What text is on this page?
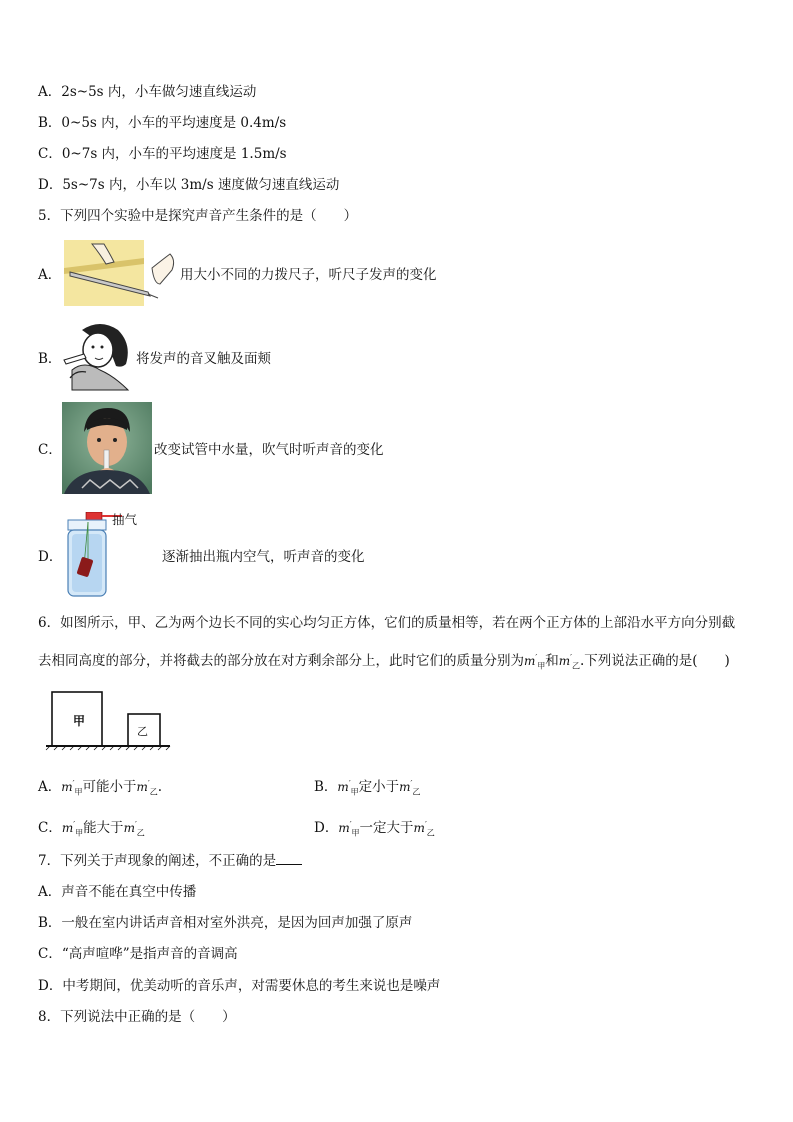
A．2s~5s 内，小车做匀速直线运动
B．0~5s 内，小车的平均速度是 0.4m/s
C．0~7s 内，小车的平均速度是 1.5m/s
D．5s~7s 内，小车以 3m/s 速度做匀速直线运动
5．下列四个实验中是探究声音产生条件的是（　　）
A．	用大小不同的力拨尺子，听尺子发声的变化
B．	将发声的音叉触及面颊
C．	改变试管中水量，吹气时听声音的变化
D．
抽气
逐渐抽出瓶内空气，听声音的变化
6．如图所示，甲、乙为两个边长不同的实心均匀正方体，它们的质量相等，若在两个正方体的上部沿水平方向分别截
去相同高度的部分，并将截去的部分放在对方剩余部分上，此时它们的质量分别为$m'_甲$和$m'_乙$.下列说法正确的是(　　)
甲
乙
A．$m'_甲$可能小于$m'_乙$.	B．$m'_甲$定小于$m'_乙$
C．$m'_甲$能大于$m'_乙$	D．$m'_甲$一定大于$m'_乙$
7．下列关于声现象的阐述，不正确的是
A．声音不能在真空中传播
B．一般在室内讲话声音相对室外洪亮，是因为回声加强了原声
C．“高声喧哗”是指声音的音调高
D．中考期间，优美动听的音乐声，对需要休息的考生来说也是噪声
8．下列说法中正确的是（　　）
